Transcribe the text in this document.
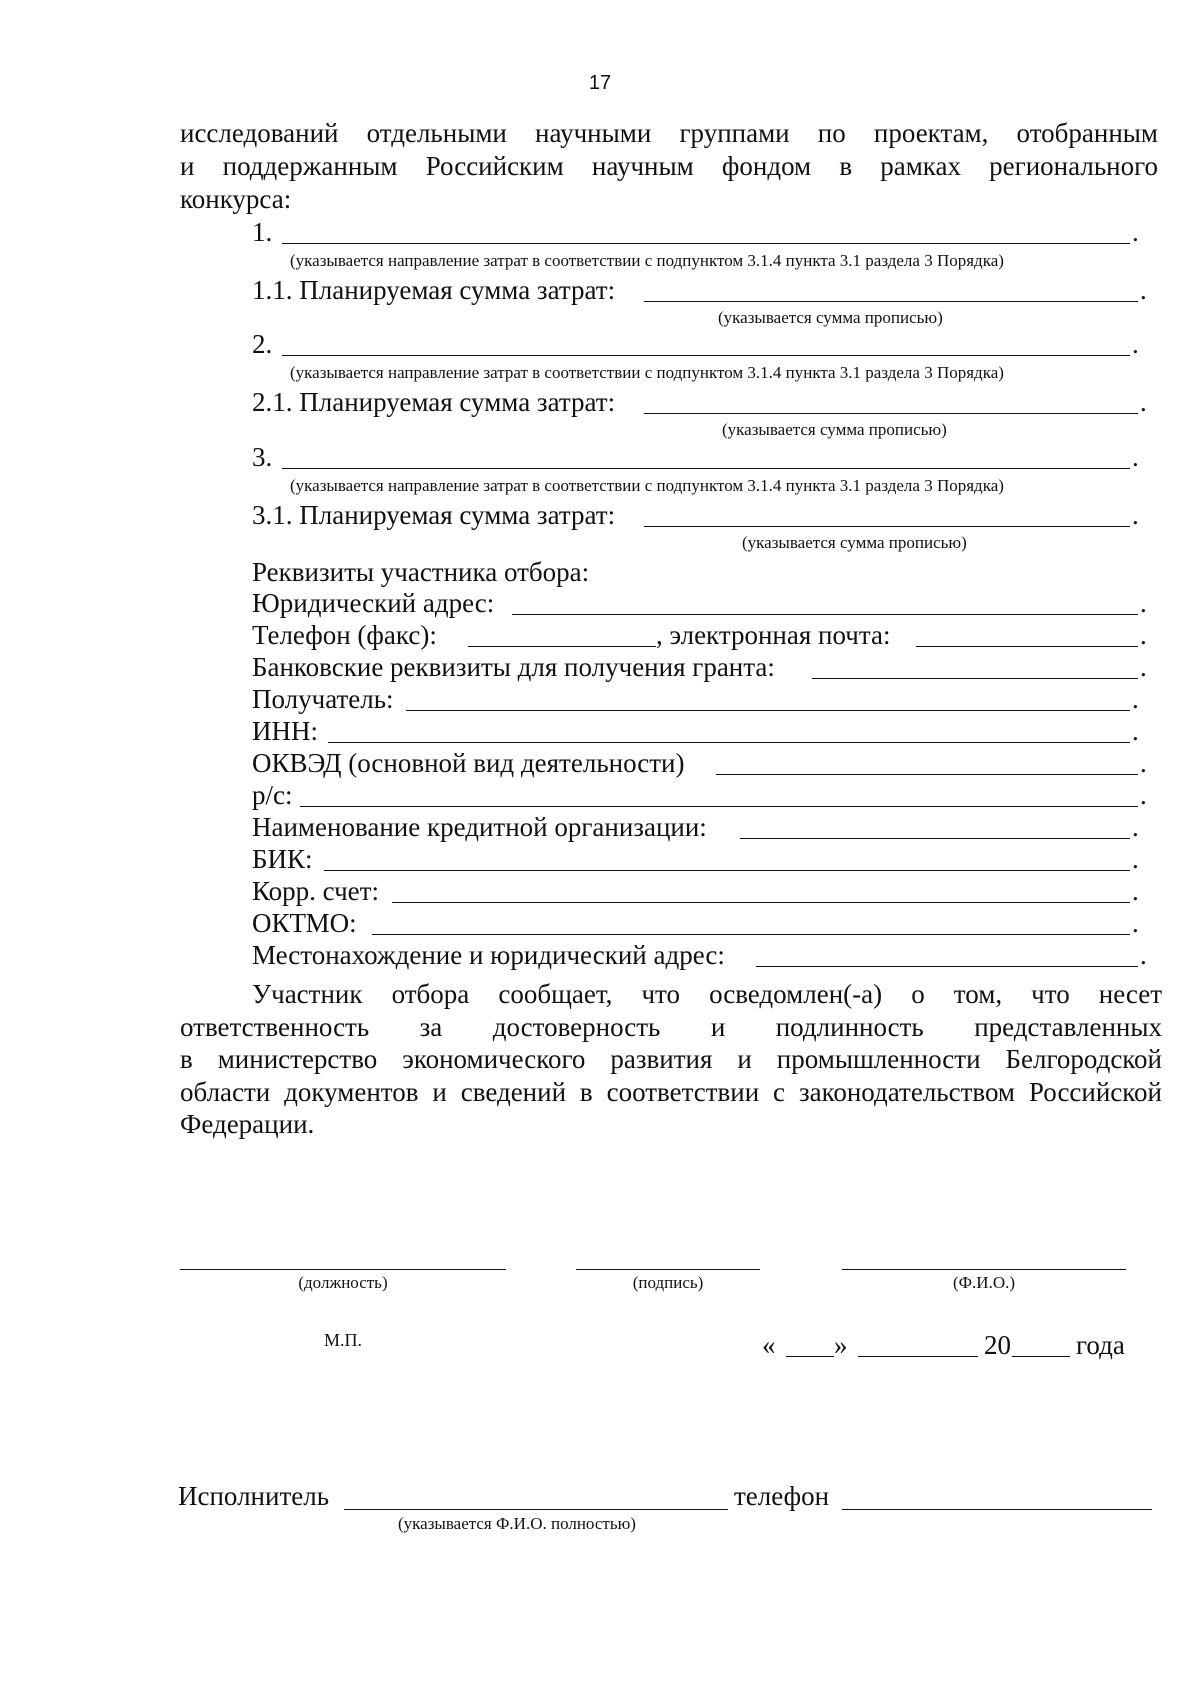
17
исследований отдельными научными группами по проектам, отобранным
и поддержанным Российским научным фондом в рамках регионального
конкурса:
1.	.
(указывается направление затрат в соответствии с подпунктом 3.1.4 пункта 3.1 раздела 3 Порядка)
1.1. Планируемая сумма затрат:	.
(указывается сумма прописью)
2.	.
(указывается направление затрат в соответствии с подпунктом 3.1.4 пункта 3.1 раздела 3 Порядка)
2.1. Планируемая сумма затрат:	.
(указывается сумма прописью)
3.	.
(указывается направление затрат в соответствии с подпунктом 3.1.4 пункта 3.1 раздела 3 Порядка)
3.1. Планируемая сумма затрат:	.
(указывается сумма прописью)
Реквизиты участника отбора:
Юридический адрес:	.
Телефон (факс):	, электронная почта:	.
Банковские реквизиты для получения гранта:	.
Получатель:	.
ИНН:	.
ОКВЭД (основной вид деятельности)	.
р/с:	.
Наименование кредитной организации:	.
БИК:	.
Корр. счет:	.
ОКТМО:	.
Местонахождение и юридический адрес:	.
Участник отбора сообщает, что осведомлен(-а) о том, что несет
ответственность за достоверность и подлинность представленных
в министерство экономического развития и промышленности Белгородской
области документов и сведений в соответствии с законодательством Российской
Федерации.
(должность)	(подпись)	(Ф.И.О.)
М.П.	« »	20 года
Исполнитель	телефон
(указывается Ф.И.О. полностью)
